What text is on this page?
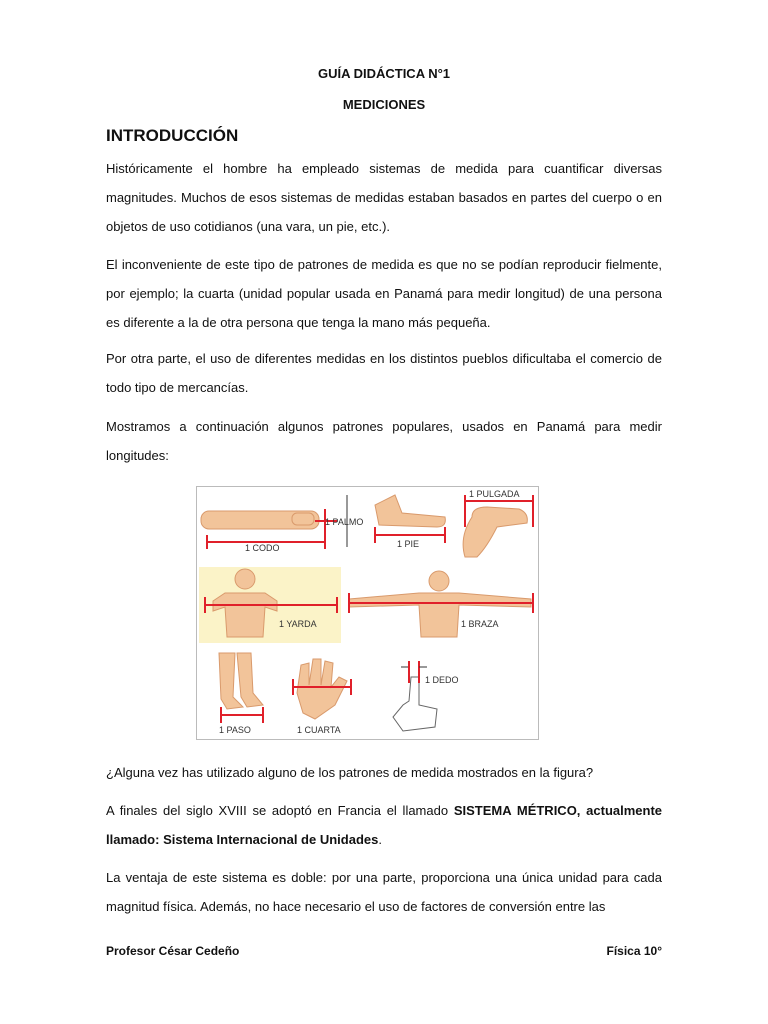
GUÍA DIDÁCTICA N°1
MEDICIONES
INTRODUCCIÓN
Históricamente el hombre ha empleado sistemas de medida para cuantificar diversas magnitudes. Muchos de esos sistemas de medidas estaban basados en partes del cuerpo o en objetos de uso cotidianos (una vara, un pie, etc.).
El inconveniente de este tipo de patrones de medida es que no se podían reproducir fielmente, por ejemplo; la cuarta (unidad popular usada en Panamá para medir longitud) de una persona es diferente a la de otra persona que tenga la mano más pequeña.
Por otra parte, el uso de diferentes medidas en los distintos pueblos dificultaba el comercio de todo tipo de mercancías.
Mostramos a continuación algunos patrones populares, usados en Panamá para medir longitudes:
1 CODO
1 PALMO
1 PIE
1 PULGADA
1 YARDA	1 BRAZA
1 PASO	1 CUARTA
1 DEDO
¿Alguna vez has utilizado alguno de los patrones de medida mostrados en la figura?
A finales del siglo XVIII se adoptó en Francia el llamado SISTEMA MÉTRICO, actualmente llamado: Sistema Internacional de Unidades.
La ventaja de este sistema es doble: por una parte, proporciona una única unidad para cada magnitud física. Además, no hace necesario el uso de factores de conversión entre las
Profesor César Cedeño	Física 10°
